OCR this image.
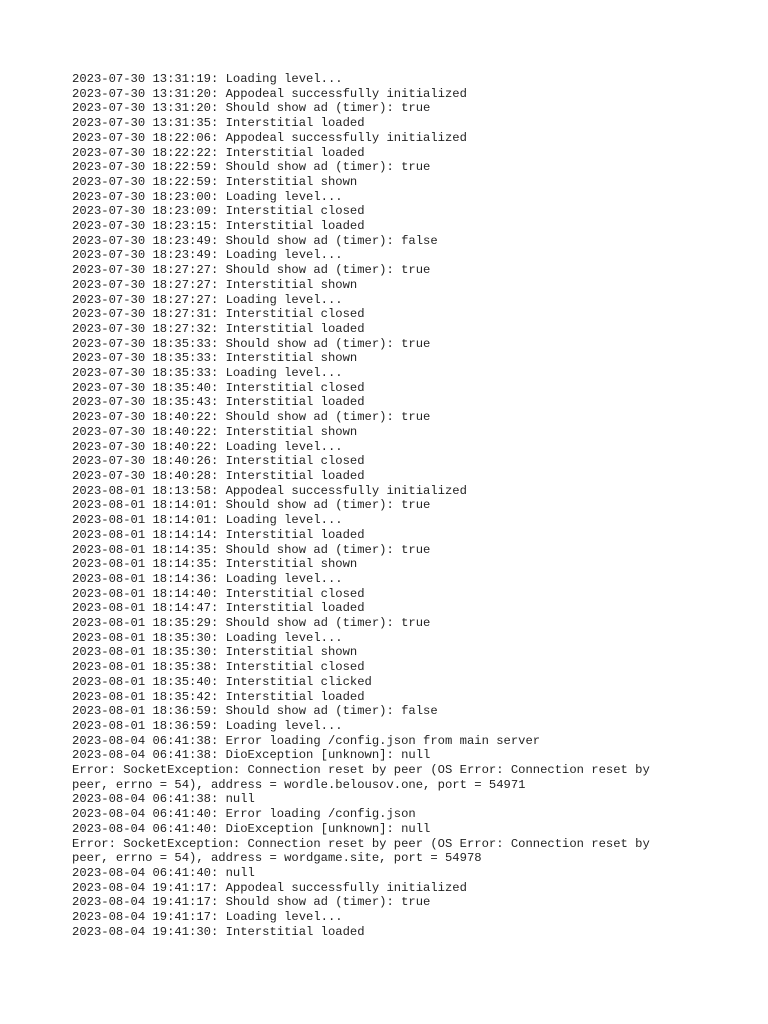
2023-07-30 13:31:19: Loading level...

2023-07-30 13:31:20: Appodeal successfully initialized

2023-07-30 13:31:20: Should show ad (timer): true

2023-07-30 13:31:35: Interstitial loaded

2023-07-30 18:22:06: Appodeal successfully initialized

2023-07-30 18:22:22: Interstitial loaded

2023-07-30 18:22:59: Should show ad (timer): true

2023-07-30 18:22:59: Interstitial shown

2023-07-30 18:23:00: Loading level...

2023-07-30 18:23:09: Interstitial closed

2023-07-30 18:23:15: Interstitial loaded

2023-07-30 18:23:49: Should show ad (timer): false

2023-07-30 18:23:49: Loading level...

2023-07-30 18:27:27: Should show ad (timer): true

2023-07-30 18:27:27: Interstitial shown

2023-07-30 18:27:27: Loading level...

2023-07-30 18:27:31: Interstitial closed

2023-07-30 18:27:32: Interstitial loaded

2023-07-30 18:35:33: Should show ad (timer): true

2023-07-30 18:35:33: Interstitial shown

2023-07-30 18:35:33: Loading level...

2023-07-30 18:35:40: Interstitial closed

2023-07-30 18:35:43: Interstitial loaded

2023-07-30 18:40:22: Should show ad (timer): true

2023-07-30 18:40:22: Interstitial shown

2023-07-30 18:40:22: Loading level...

2023-07-30 18:40:26: Interstitial closed

2023-07-30 18:40:28: Interstitial loaded

2023-08-01 18:13:58: Appodeal successfully initialized

2023-08-01 18:14:01: Should show ad (timer): true

2023-08-01 18:14:01: Loading level...

2023-08-01 18:14:14: Interstitial loaded

2023-08-01 18:14:35: Should show ad (timer): true

2023-08-01 18:14:35: Interstitial shown

2023-08-01 18:14:36: Loading level...

2023-08-01 18:14:40: Interstitial closed

2023-08-01 18:14:47: Interstitial loaded

2023-08-01 18:35:29: Should show ad (timer): true

2023-08-01 18:35:30: Loading level...

2023-08-01 18:35:30: Interstitial shown

2023-08-01 18:35:38: Interstitial closed

2023-08-01 18:35:40: Interstitial clicked

2023-08-01 18:35:42: Interstitial loaded

2023-08-01 18:36:59: Should show ad (timer): false

2023-08-01 18:36:59: Loading level...

2023-08-04 06:41:38: Error loading /config.json from main server

2023-08-04 06:41:38: DioException [unknown]: null

Error: SocketException: Connection reset by peer (OS Error: Connection reset by peer, errno = 54), address = wordle.belousov.one, port = 54971

2023-08-04 06:41:38: null

2023-08-04 06:41:40: Error loading /config.json

2023-08-04 06:41:40: DioException [unknown]: null

Error: SocketException: Connection reset by peer (OS Error: Connection reset by peer, errno = 54), address = wordgame.site, port = 54978

2023-08-04 06:41:40: null

2023-08-04 19:41:17: Appodeal successfully initialized

2023-08-04 19:41:17: Should show ad (timer): true

2023-08-04 19:41:17: Loading level...

2023-08-04 19:41:30: Interstitial loaded
